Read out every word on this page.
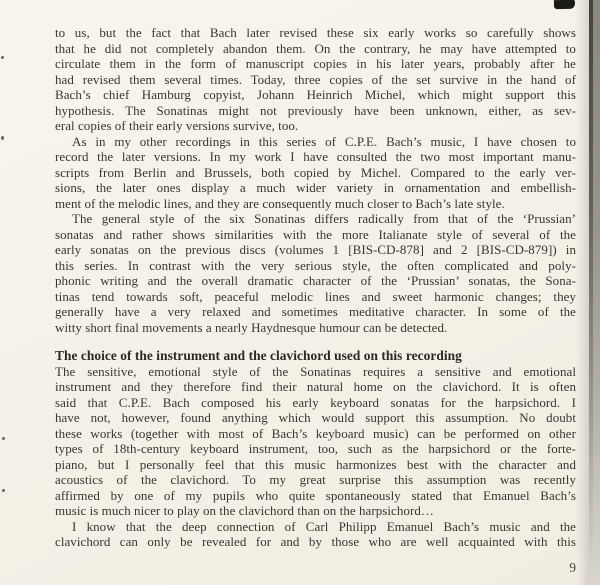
to us, but the fact that Bach later revised these six early works so carefully shows
that he did not completely abandon them. On the contrary, he may have attempted to
circulate them in the form of manuscript copies in his later years, probably after he
had revised them several times. Today, three copies of the set survive in the hand of
Bach’s chief Hamburg copyist, Johann Heinrich Michel, which might support this
hypothesis. The Sonatinas might not previously have been unknown, either, as sev-
eral copies of their early versions survive, too.
As in my other recordings in this series of C.P.E. Bach’s music, I have chosen to
record the later versions. In my work I have consulted the two most important manu-
scripts from Berlin and Brussels, both copied by Michel. Compared to the early ver-
sions, the later ones display a much wider variety in ornamentation and embellish-
ment of the melodic lines, and they are consequently much closer to Bach’s late style.
The general style of the six Sonatinas differs radically from that of the ‘Prussian’
sonatas and rather shows similarities with the more Italianate style of several of the
early sonatas on the previous discs (volumes 1 [BIS-CD-878] and 2 [BIS-CD-879]) in
this series. In contrast with the very serious style, the often complicated and poly-
phonic writing and the overall dramatic character of the ‘Prussian’ sonatas, the Sona-
tinas tend towards soft, peaceful melodic lines and sweet harmonic changes; they
generally have a very relaxed and sometimes meditative character. In some of the
witty short final movements a nearly Haydnesque humour can be detected.
The choice of the instrument and the clavichord used on this recording
The sensitive, emotional style of the Sonatinas requires a sensitive and emotional
instrument and they therefore find their natural home on the clavichord. It is often
said that C.P.E. Bach composed his early keyboard sonatas for the harpsichord. I
have not, however, found anything which would support this assumption. No doubt
these works (together with most of Bach’s keyboard music) can be performed on other
types of 18th-century keyboard instrument, too, such as the harpsichord or the forte-
piano, but I personally feel that this music harmonizes best with the character and
acoustics of the clavichord. To my great surprise this assumption was recently
affirmed by one of my pupils who quite spontaneously stated that Emanuel Bach’s
music is much nicer to play on the clavichord than on the harpsichord…
I know that the deep connection of Carl Philipp Emanuel Bach’s music and the
clavichord can only be revealed for and by those who are well acquainted with this
9
